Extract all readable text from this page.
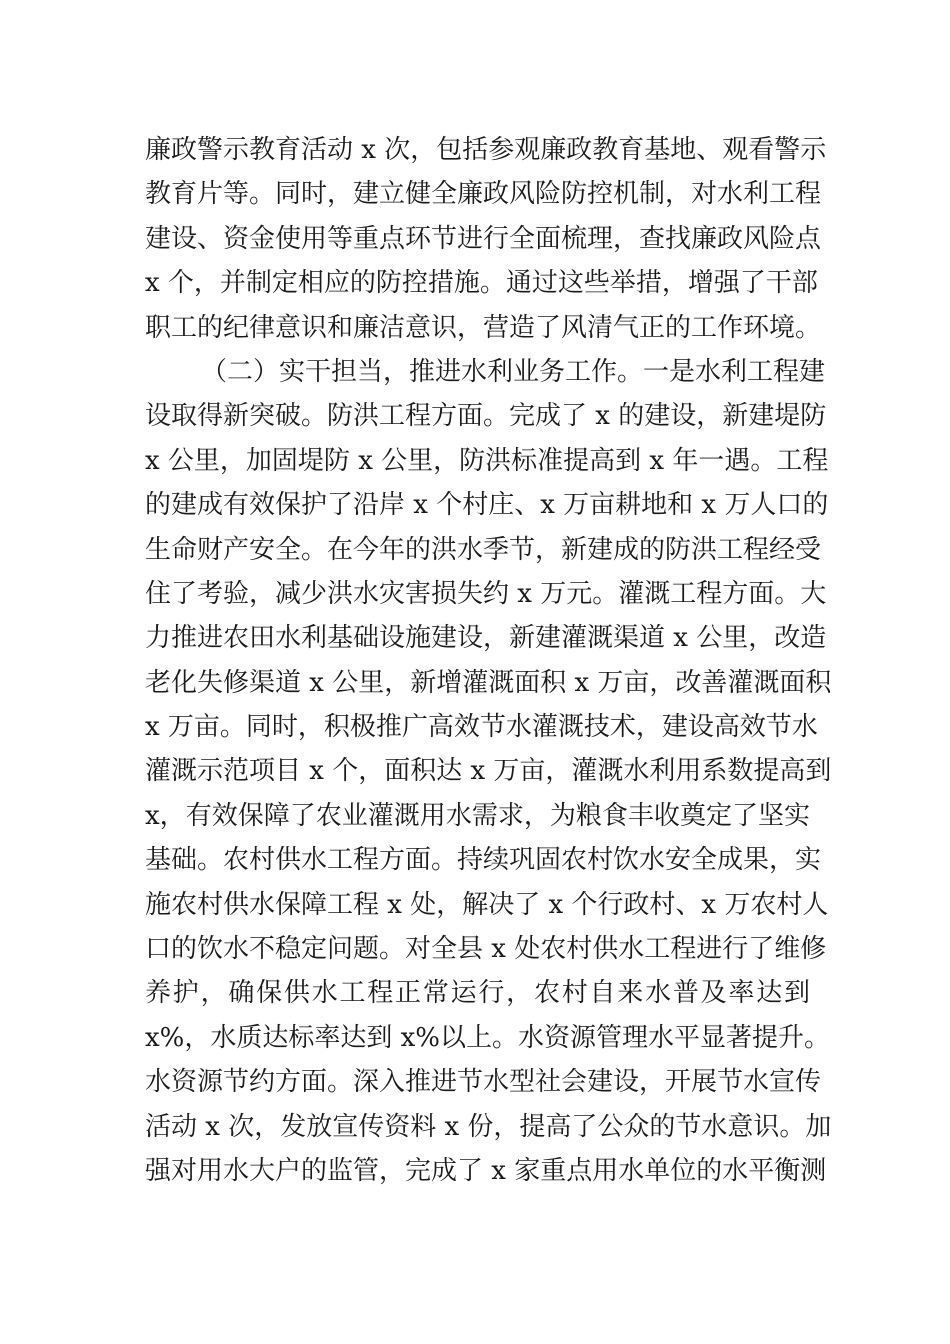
廉政警示教育活动 x 次，包括参观廉政教育基地、观看警示
教育片等。同时，建立健全廉政风险防控机制，对水利工程
建设、资金使用等重点环节进行全面梳理，查找廉政风险点
x 个，并制定相应的防控措施。通过这些举措，增强了干部
职工的纪律意识和廉洁意识，营造了风清气正的工作环境。
（二）实干担当，推进水利业务工作。一是水利工程建
设取得新突破。防洪工程方面。完成了 x 的建设，新建堤防
x 公里，加固堤防 x 公里，防洪标准提高到 x 年一遇。工程
的建成有效保护了沿岸 x 个村庄、x 万亩耕地和 x 万人口的
生命财产安全。在今年的洪水季节，新建成的防洪工程经受
住了考验，减少洪水灾害损失约 x 万元。灌溉工程方面。大
力推进农田水利基础设施建设，新建灌溉渠道 x 公里，改造
老化失修渠道 x 公里，新增灌溉面积 x 万亩，改善灌溉面积
x 万亩。同时，积极推广高效节水灌溉技术，建设高效节水
灌溉示范项目 x 个，面积达 x 万亩，灌溉水利用系数提高到
x，有效保障了农业灌溉用水需求，为粮食丰收奠定了坚实
基础。农村供水工程方面。持续巩固农村饮水安全成果，实
施农村供水保障工程 x 处，解决了 x 个行政村、x 万农村人
口的饮水不稳定问题。对全县 x 处农村供水工程进行了维修
养护，确保供水工程正常运行，农村自来水普及率达到
x%，水质达标率达到 x%以上。水资源管理水平显著提升。
水资源节约方面。深入推进节水型社会建设，开展节水宣传
活动 x 次，发放宣传资料 x 份，提高了公众的节水意识。加
强对用水大户的监管，完成了 x 家重点用水单位的水平衡测
